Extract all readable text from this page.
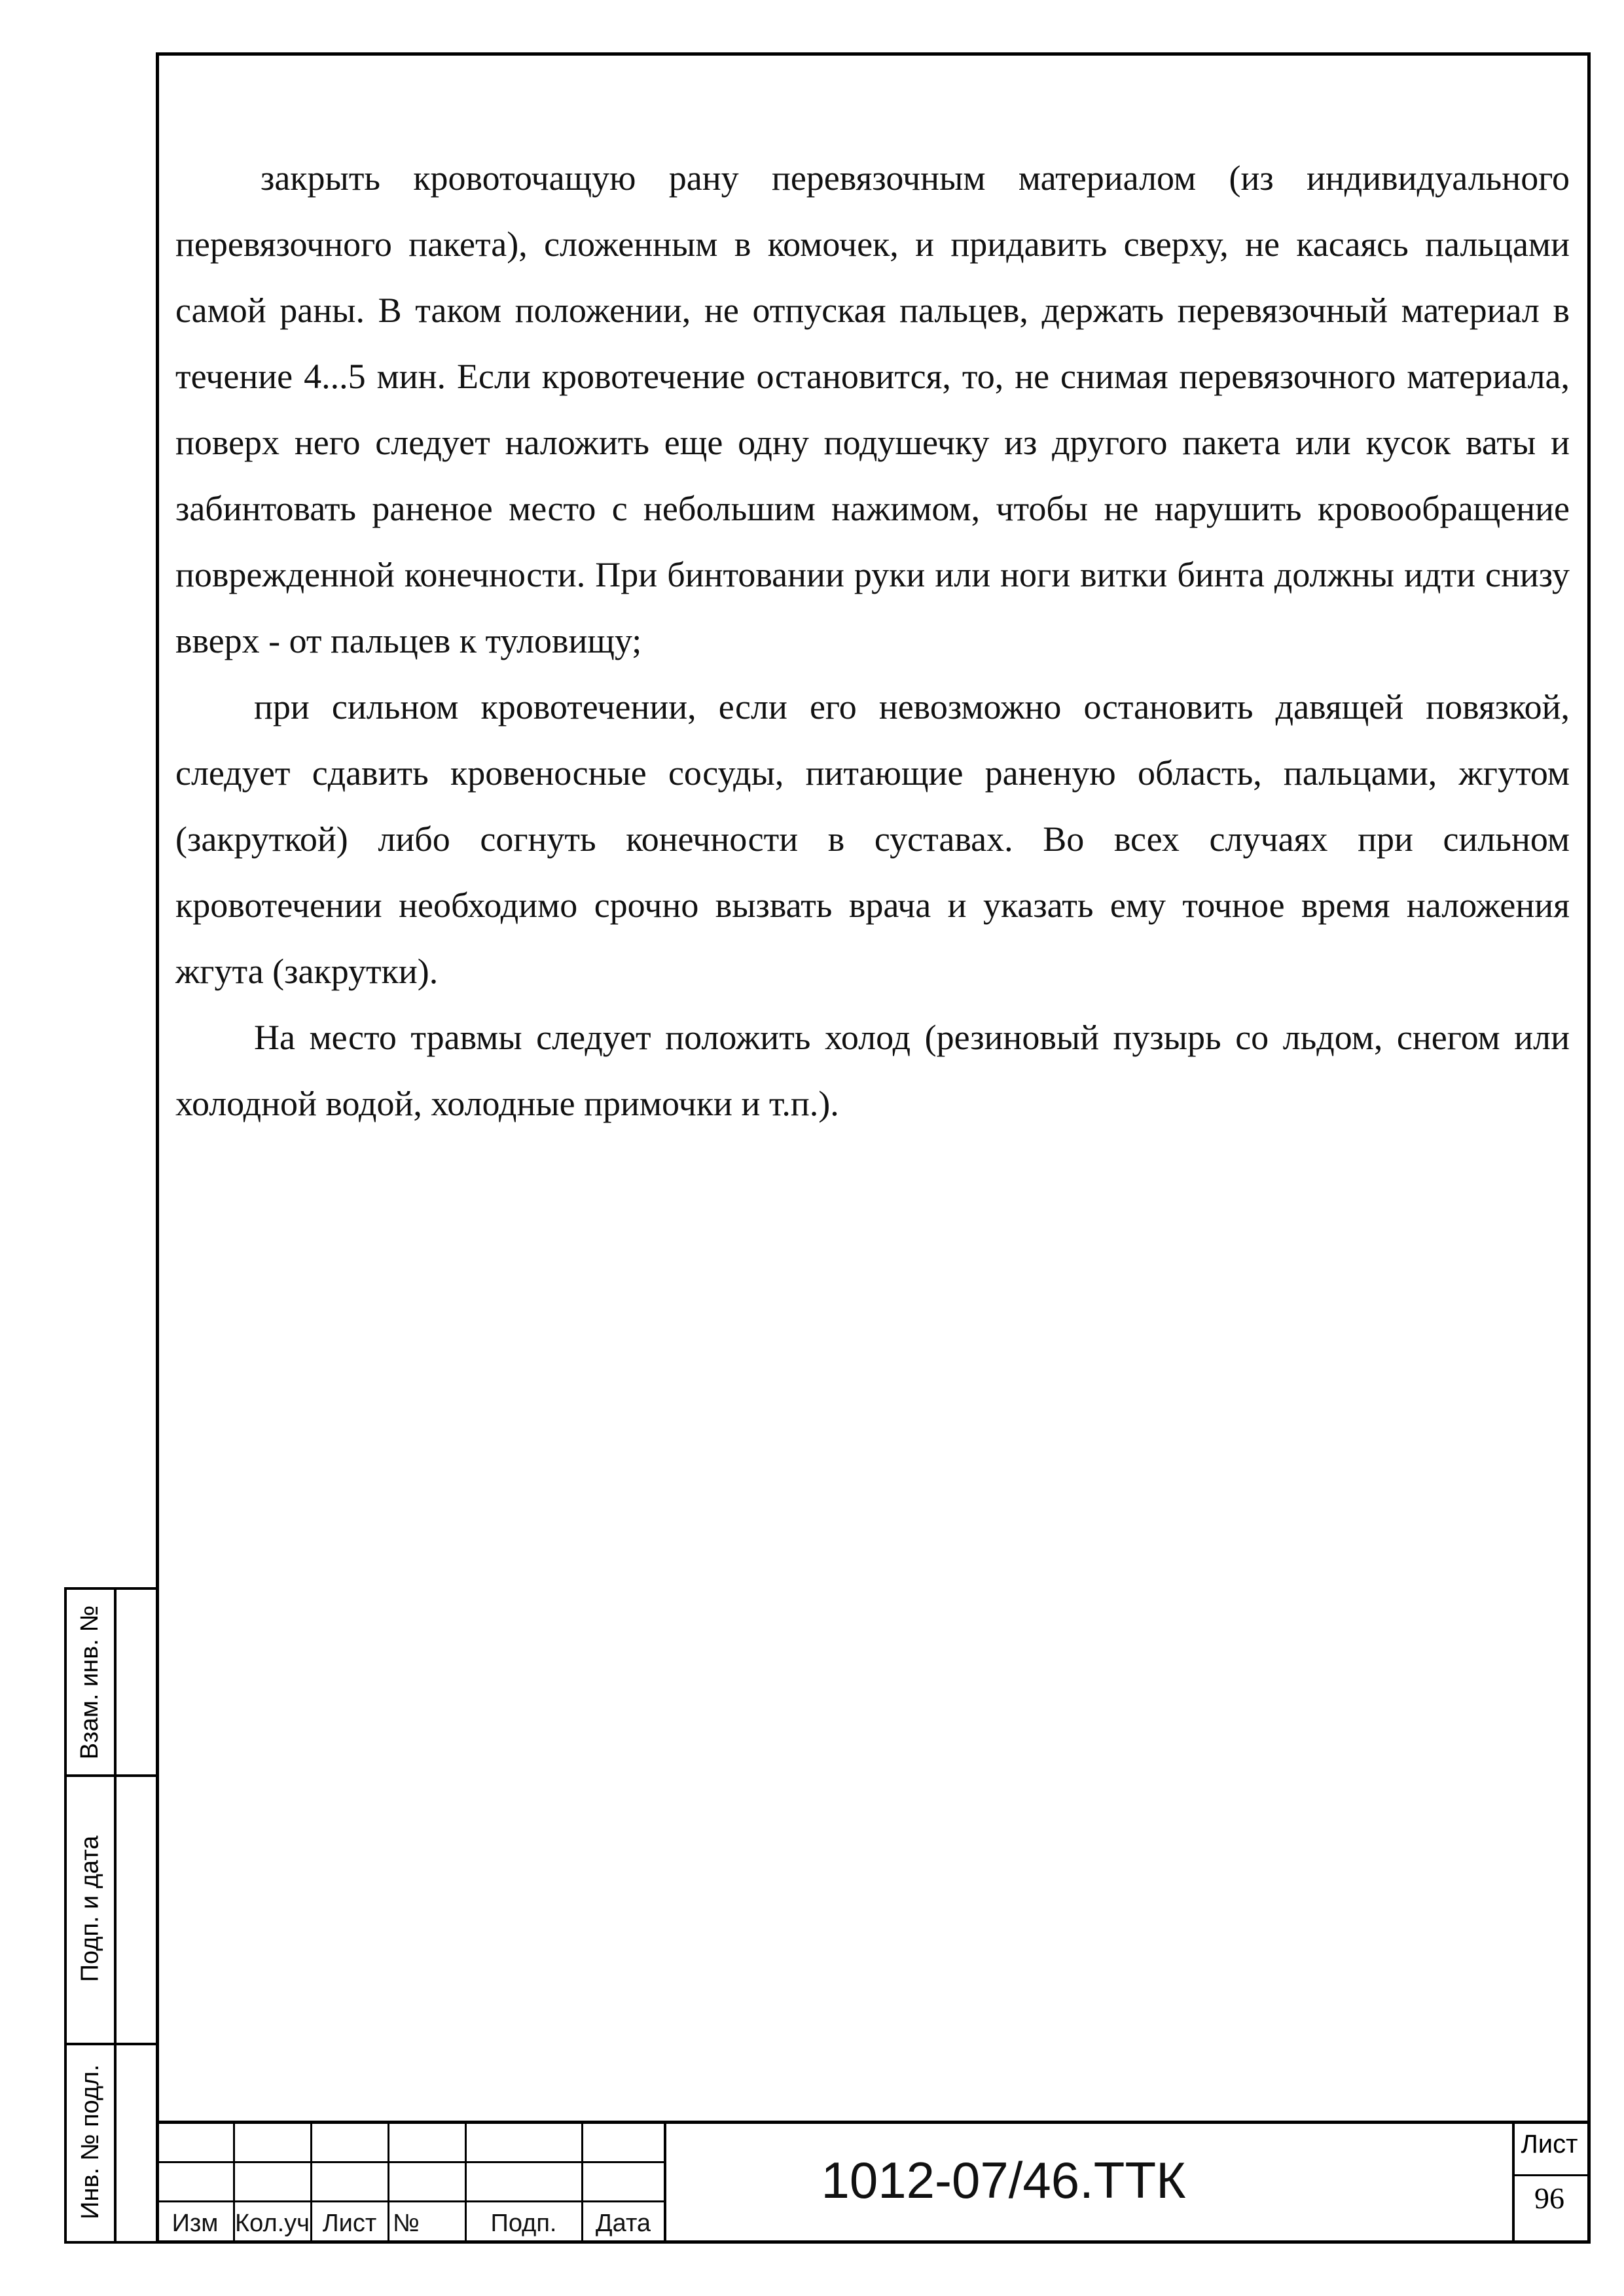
закрыть кровоточащую рану перевязочным материалом (из индивидуального перевязочного пакета), сложенным в комочек, и придавить сверху, не касаясь пальцами самой раны. В таком положении, не отпуская пальцев, держать перевязочный материал в течение 4...5 мин. Если кровотечение остановится, то, не снимая перевязочного материала, поверх него следует наложить еще одну подушечку из другого пакета или кусок ваты и забинтовать раненое место с небольшим нажимом, чтобы не нарушить кровообращение поврежденной конечности. При бинтовании руки или ноги витки бинта должны идти снизу вверх - от пальцев к туловищу;

при сильном кровотечении, если его невозможно остановить давящей повязкой, следует сдавить кровеносные сосуды, питающие раненую область, пальцами, жгутом (закруткой) либо согнуть конечности в суставах. Во всех случаях при сильном кровотечении необходимо срочно вызвать врача и указать ему точное время наложения жгута (закрутки).

На место травмы следует положить холод (резиновый пузырь со льдом, снегом или холодной водой, холодные примочки и т.п.).

Взам. инв. №
Подп. и дата
Инв. № подл.
Изм Кол.уч Лист №	Подп.	Дата
1012-07/46.ТТК
Лист
96
